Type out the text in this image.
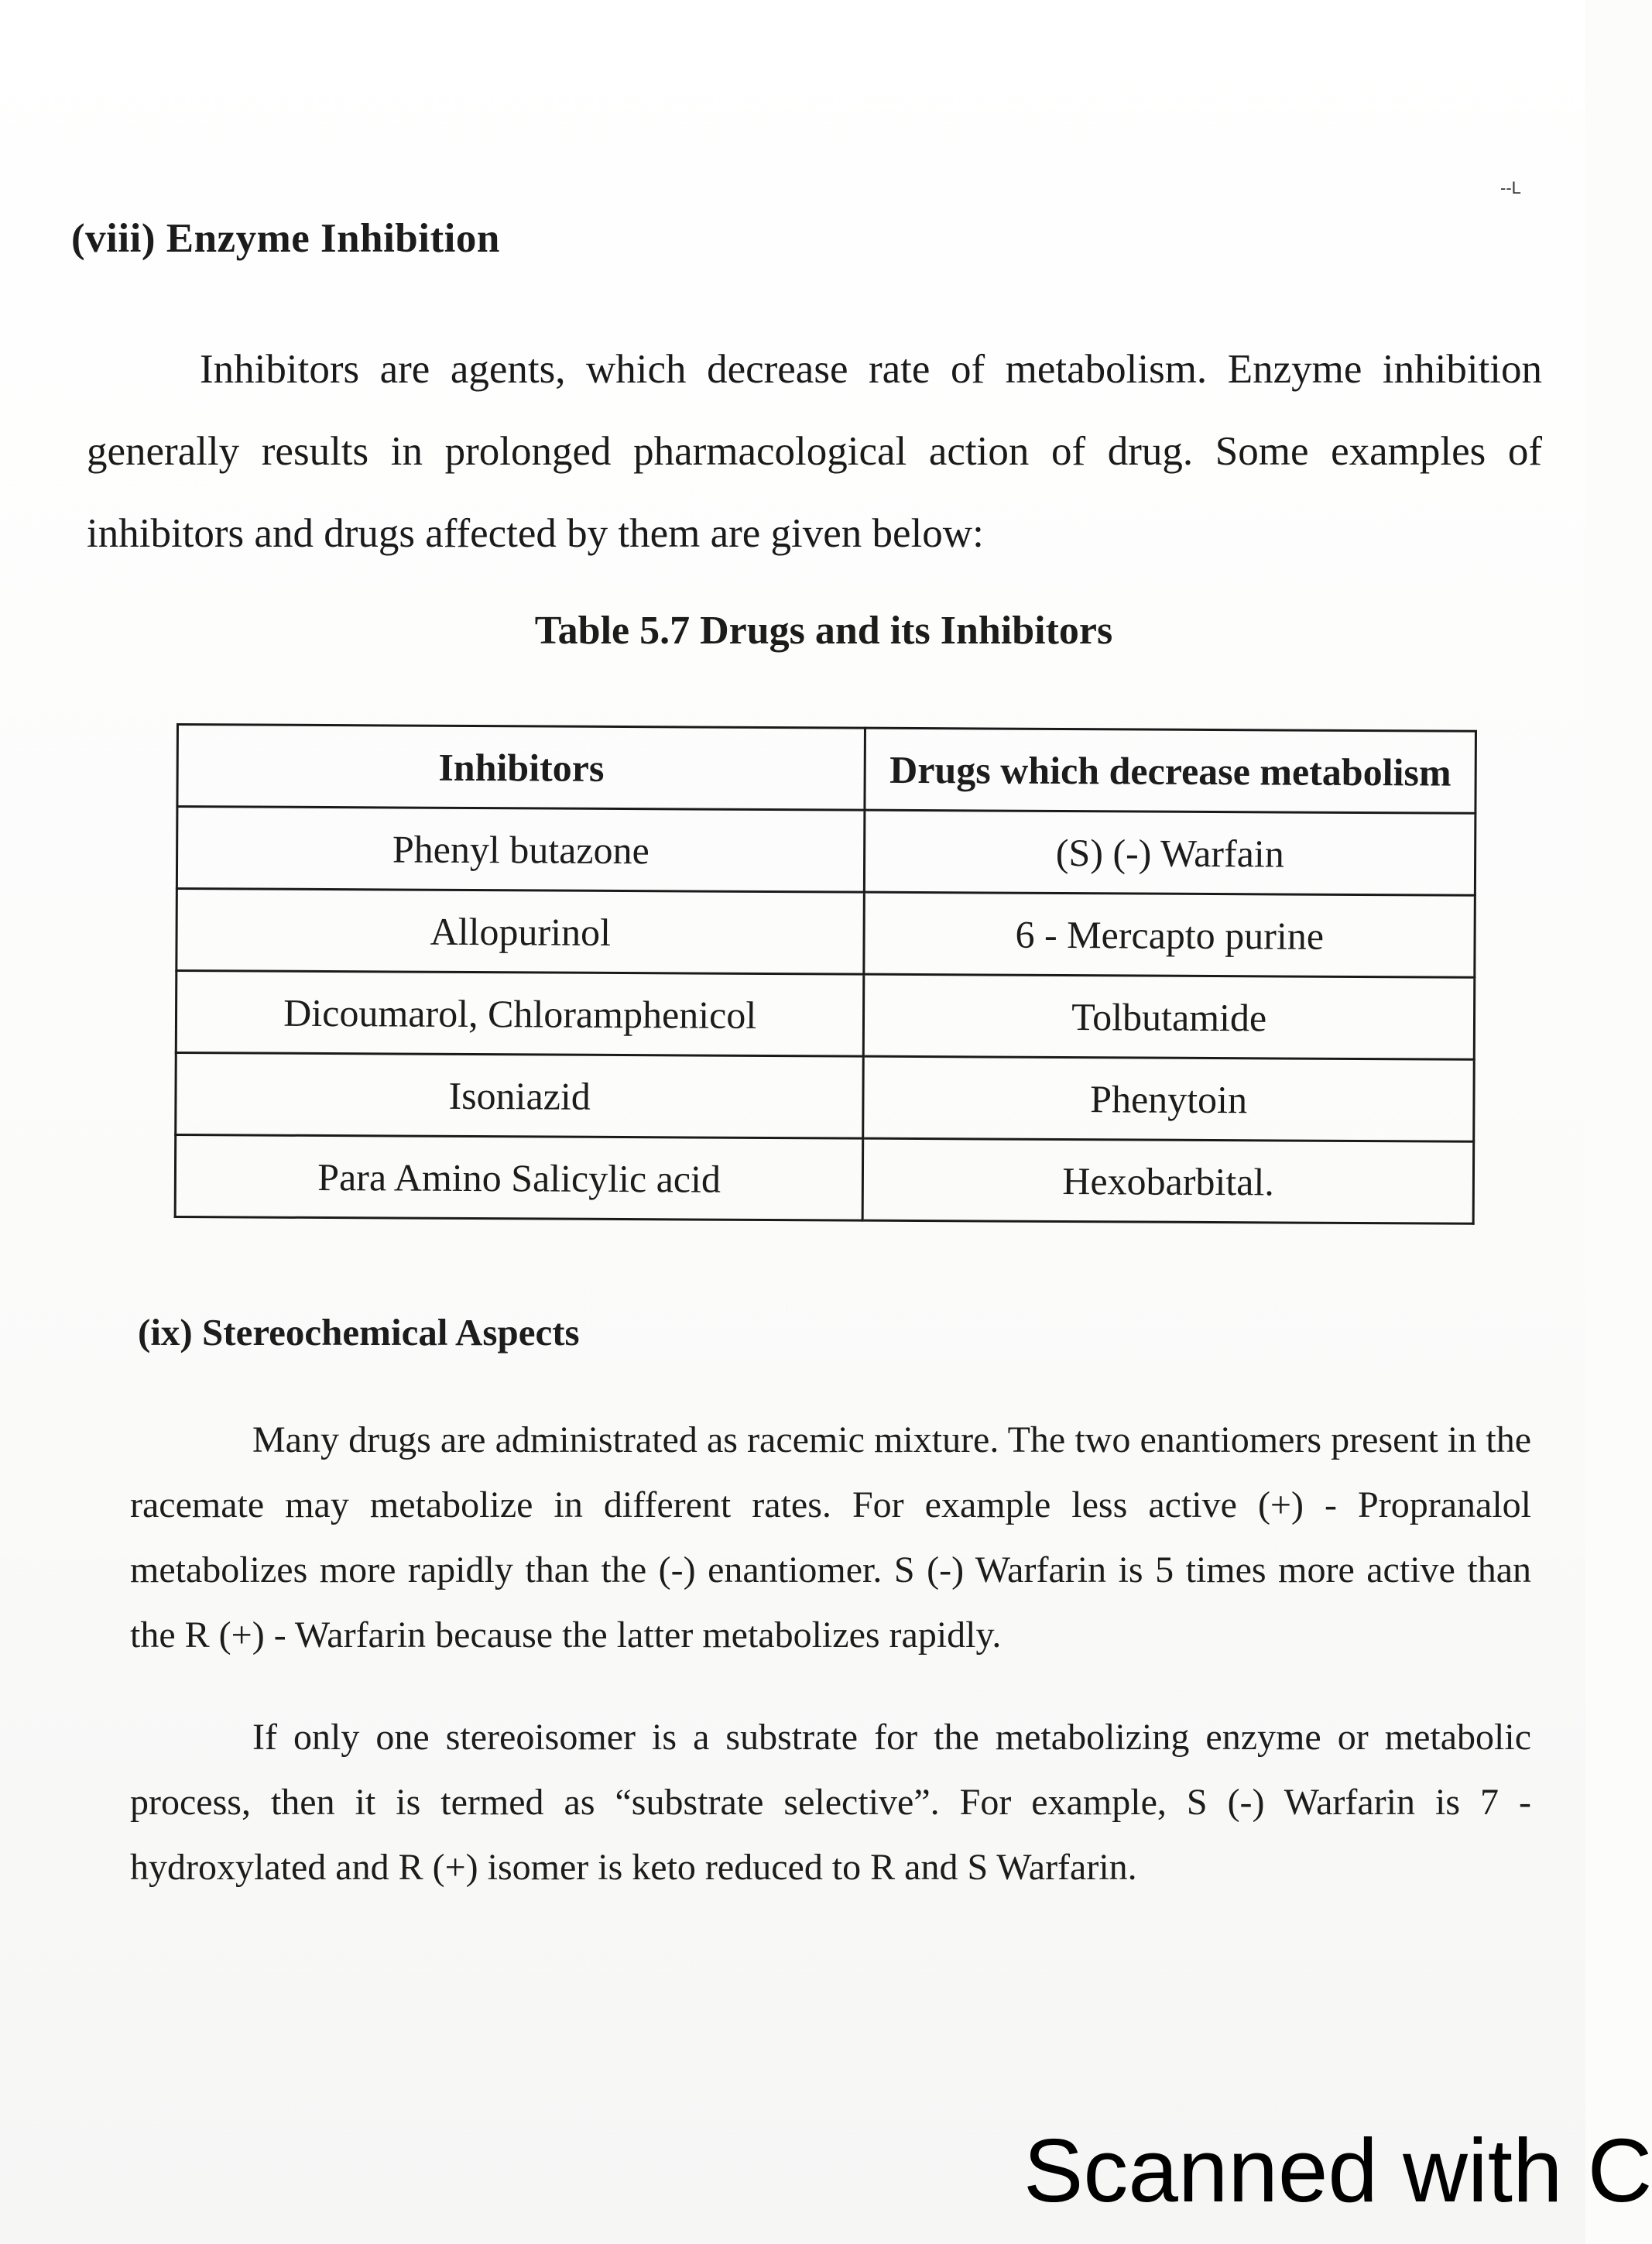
--L
(viii) Enzyme Inhibition

Inhibitors are agents, which decrease rate of metabolism. Enzyme inhibition generally results in prolonged pharmacological action of drug. Some examples of inhibitors and drugs affected by them are given below:

Table 5.7 Drugs and its Inhibitors
Inhibitors	Drugs which decrease metabolism
Phenyl butazone	(S) (-) Warfain
Allopurinol	6 - Mercapto purine
Dicoumarol, Chloramphenicol	Tolbutamide
Isoniazid	Phenytoin
Para Amino Salicylic acid	Hexobarbital.
(ix) Stereochemical Aspects

Many drugs are administrated as racemic mixture. The two enantiomers present in the racemate may metabolize in different rates. For example less active (+) - Propranalol metabolizes more rapidly than the (-) enantiomer. S (-) Warfarin is 5 times more active than the R (+) - Warfarin because the latter metabolizes rapidly.

If only one stereoisomer is a substrate for the metabolizing enzyme or metabolic process, then it is termed as “substrate selective”. For example, S (-) Warfarin is 7 - hydroxylated and R (+) isomer is keto reduced to R and S Warfarin.

Scanned with C
